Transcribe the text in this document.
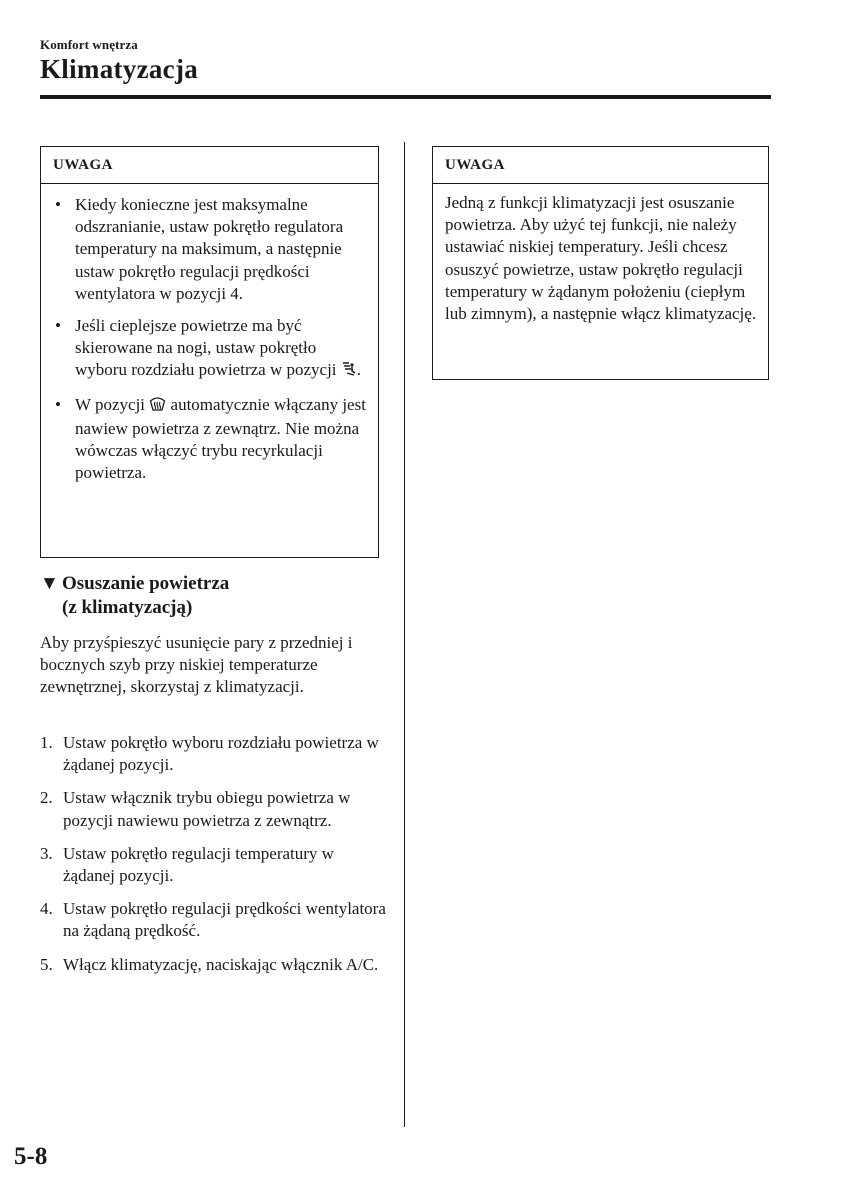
Komfort wnętrza
Klimatyzacja
UWAGA
• Kiedy konieczne jest maksymalne odszranianie, ustaw pokrętło regulatora temperatury na maksimum, a następnie ustaw pokrętło regulacji prędkości wentylatora w pozycji 4.
• Jeśli cieplejsze powietrze ma być skierowane na nogi, ustaw pokrętło wyboru rozdziału powietrza w pozycji .
• W pozycji  automatycznie włączany jest nawiew powietrza z zewnątrz. Nie można wówczas włączyć trybu recyrkulacji powietrza.
UWAGA
Jedną z funkcji klimatyzacji jest osuszanie powietrza. Aby użyć tej funkcji, nie należy ustawiać niskiej temperatury. Jeśli chcesz osuszyć powietrze, ustaw pokrętło regulacji temperatury w żądanym położeniu (ciepłym lub zimnym), a następnie włącz klimatyzację.
▼ Osuszanie powietrza
(z klimatyzacją)

Aby przyśpieszyć usunięcie pary z przedniej i bocznych szyb przy niskiej temperaturze zewnętrznej, skorzystaj z klimatyzacji.

1. Ustaw pokrętło wyboru rozdziału powietrza w żądanej pozycji.
2. Ustaw włącznik trybu obiegu powietrza w pozycji nawiewu powietrza z zewnątrz.
3. Ustaw pokrętło regulacji temperatury w żądanej pozycji.
4. Ustaw pokrętło regulacji prędkości wentylatora na żądaną prędkość.
5. Włącz klimatyzację, naciskając włącznik A/C.
5-8
